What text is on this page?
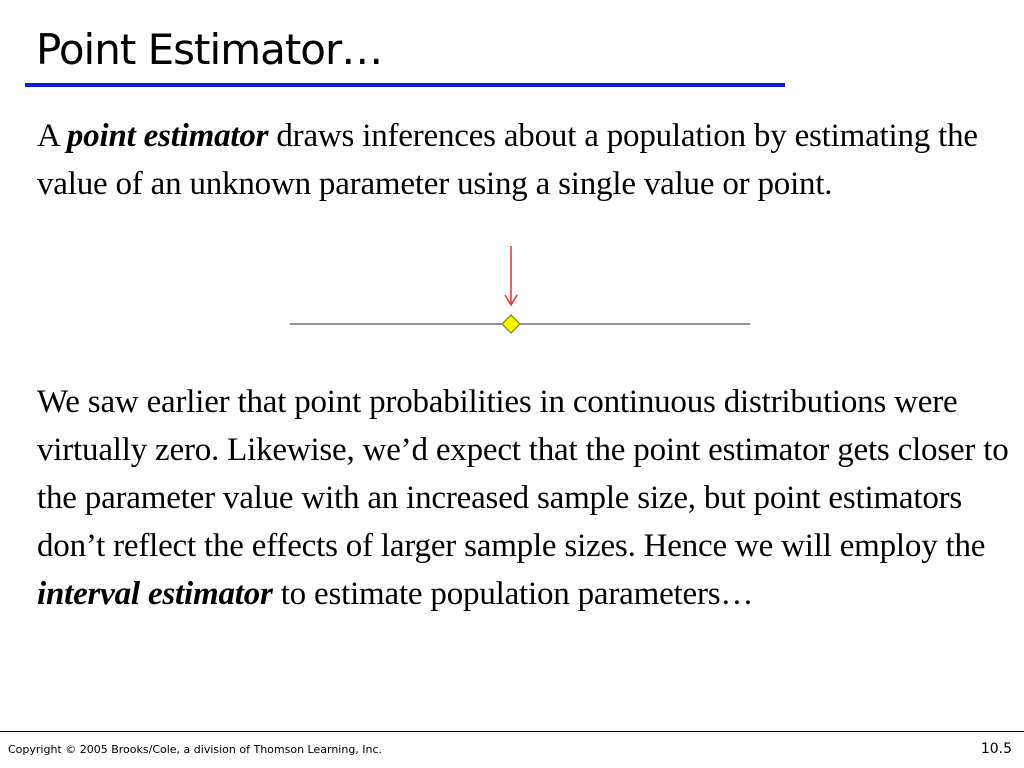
Point Estimator…

A point estimator draws inferences about a population by estimating the value of an unknown parameter using a single value or point.

We saw earlier that point probabilities in continuous distributions were virtually zero. Likewise, we’d expect that the point estimator gets closer to the parameter value with an increased sample size, but point estimators don’t reflect the effects of larger sample sizes. Hence we will employ the interval estimator to estimate population parameters…

Copyright © 2005 Brooks/Cole, a division of Thomson Learning, Inc.	10.5
